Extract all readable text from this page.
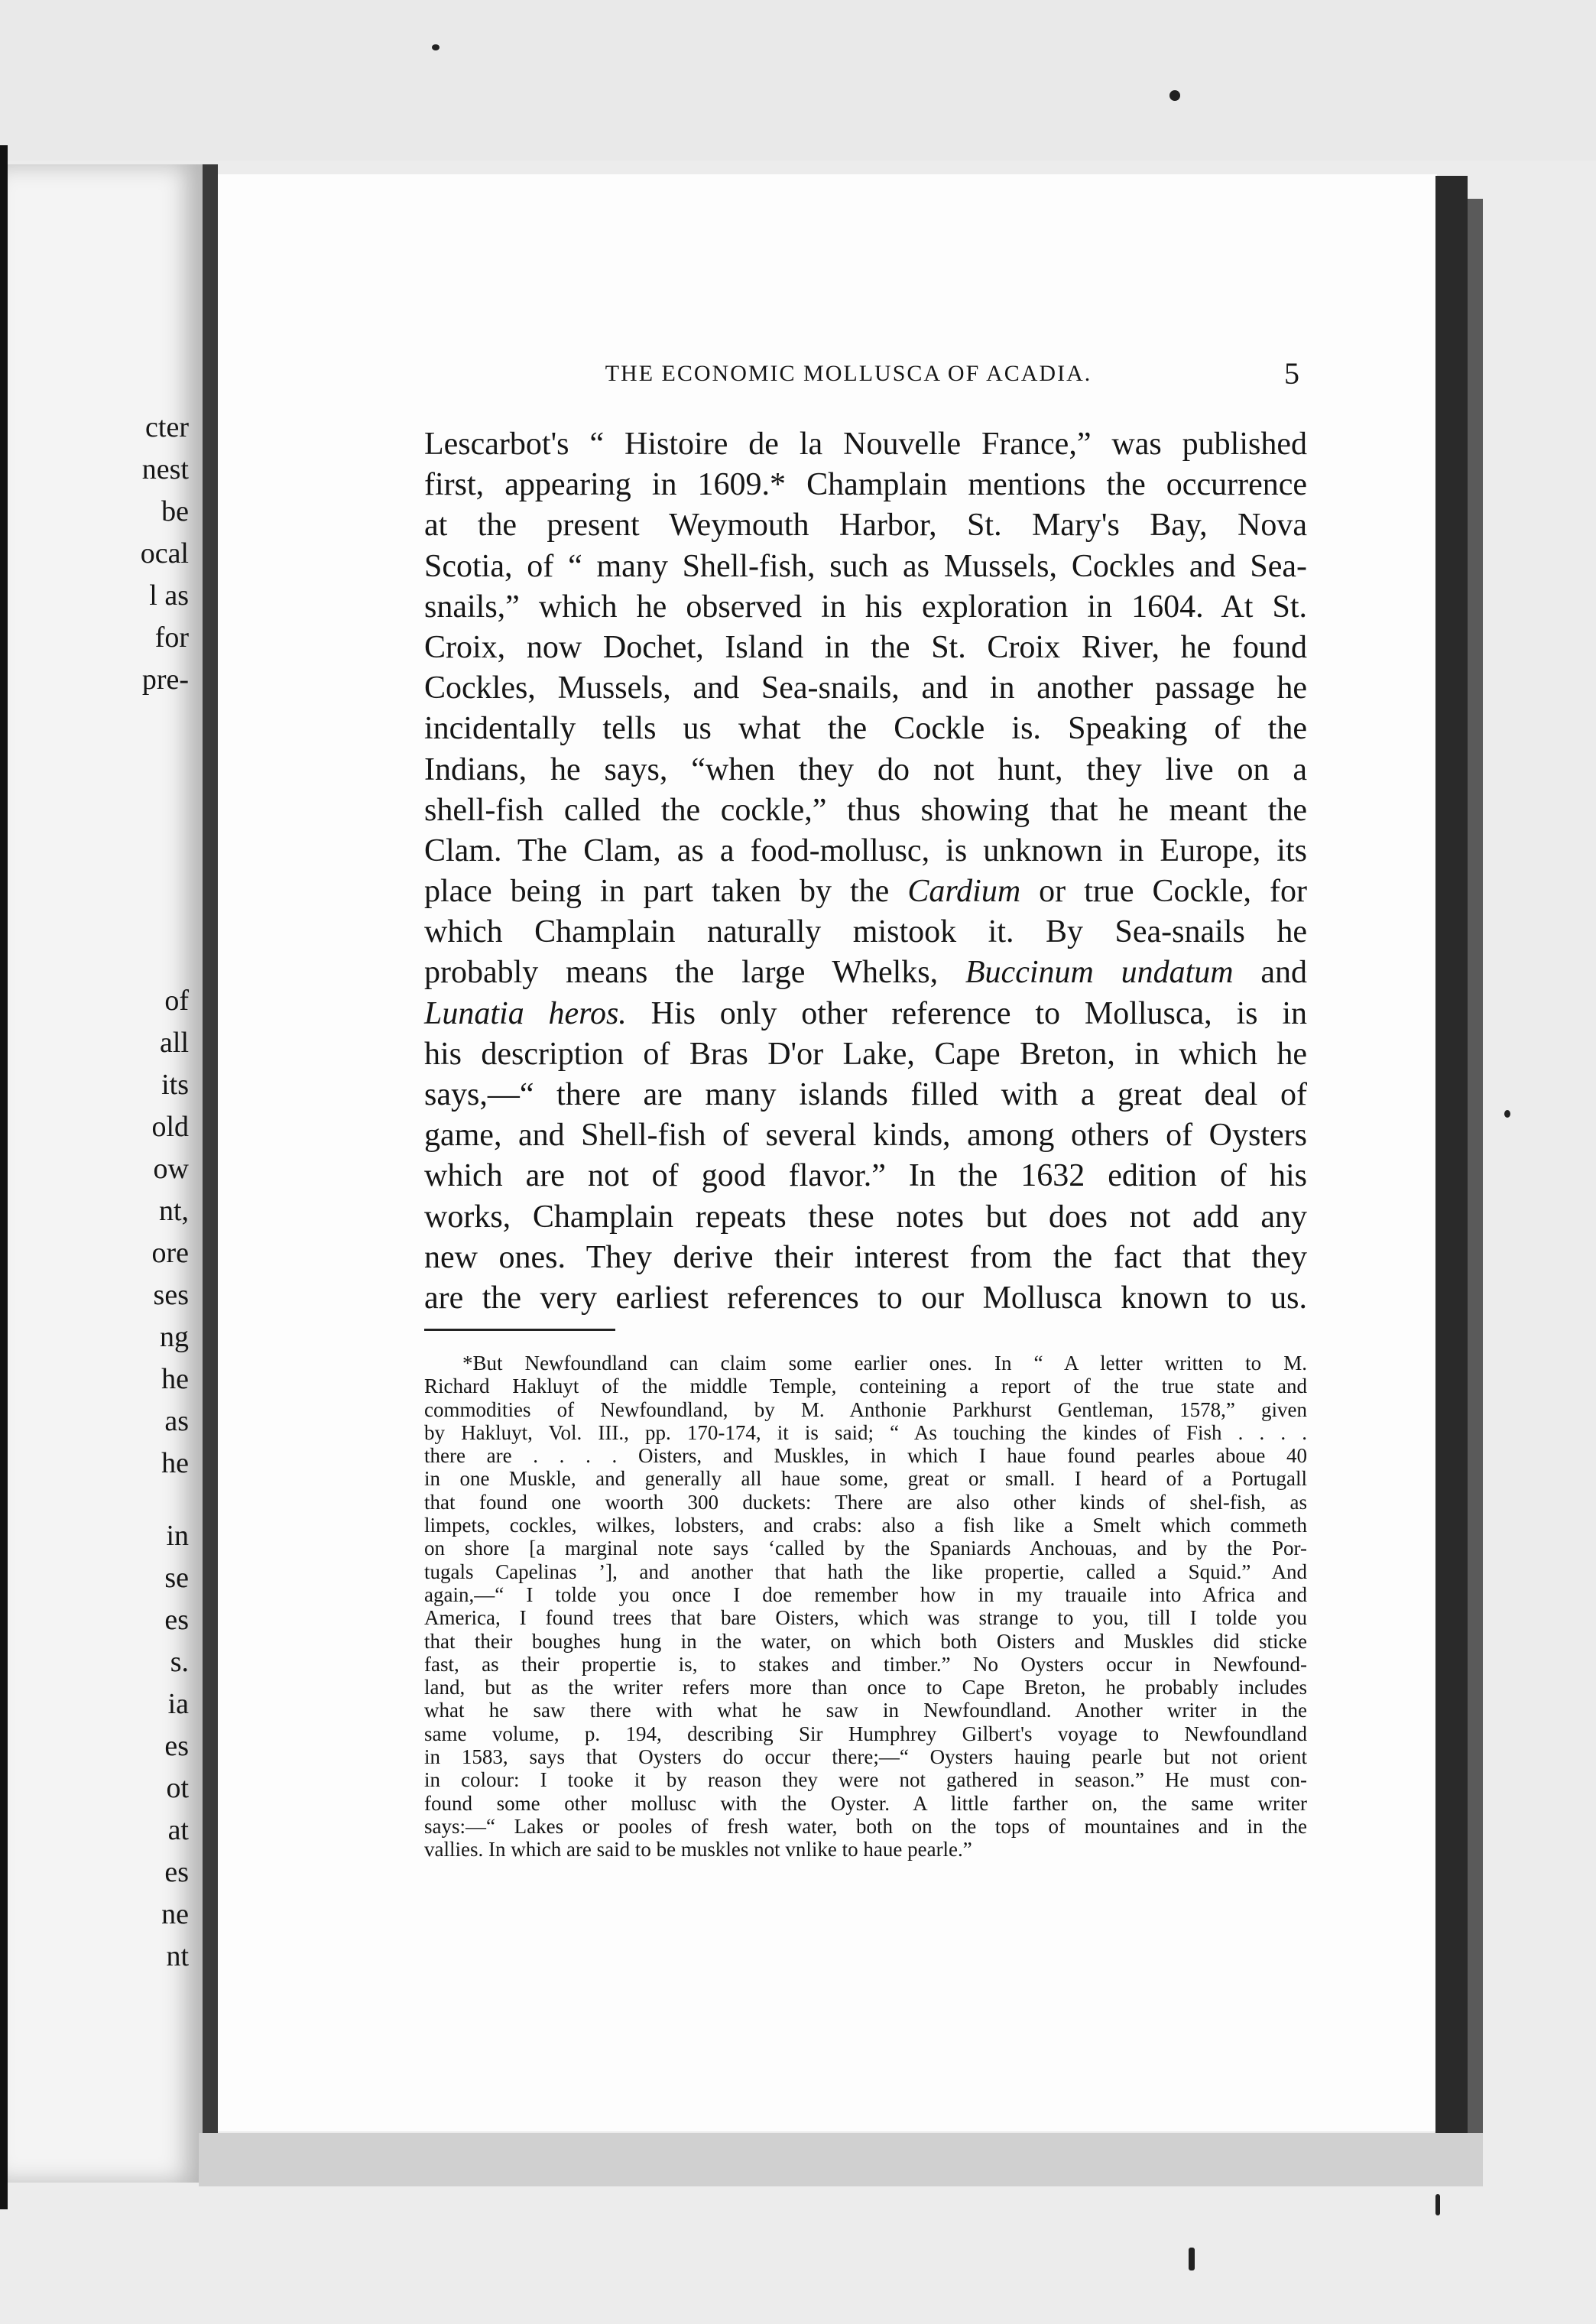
cter
nest
be
ocal
l as
for
pre-
of
all
its
old
ow
nt,
ore
ses
ng
he
as
he
in
se
es
s.
ia
es
ot
at
es
ne
nt
THE ECONOMIC MOLLUSCA OF ACADIA.	5
Lescarbot's “ Histoire de la Nouvelle France,” was published
first, appearing in 1609.* Champlain mentions the occurrence
at the present Weymouth Harbor, St. Mary's Bay, Nova
Scotia, of “ many Shell-fish, such as Mussels, Cockles and Sea-
snails,” which he observed in his exploration in 1604. At St.
Croix, now Dochet, Island in the St. Croix River, he found
Cockles, Mussels, and Sea-snails, and in another passage he
incidentally tells us what the Cockle is. Speaking of the
Indians, he says, “when they do not hunt, they live on a
shell-fish called the cockle,” thus showing that he meant the
Clam. The Clam, as a food-mollusc, is unknown in Europe, its
place being in part taken by the Cardium or true Cockle, for
which Champlain naturally mistook it. By Sea-snails he
probably means the large Whelks, Buccinum undatum and
Lunatia heros. His only other reference to Mollusca, is in
his description of Bras D'or Lake, Cape Breton, in which he
says,—“ there are many islands filled with a great deal of
game, and Shell-fish of several kinds, among others of Oysters
which are not of good flavor.” In the 1632 edition of his
works, Champlain repeats these notes but does not add any
new ones. They derive their interest from the fact that they
are the very earliest references to our Mollusca known to us.
*But Newfoundland can claim some earlier ones. In “ A letter written to M.
Richard Hakluyt of the middle Temple, conteining a report of the true state and
commodities of Newfoundland, by M. Anthonie Parkhurst Gentleman, 1578,” given
by Hakluyt, Vol. III., pp. 170-174, it is said; “ As touching the kindes of Fish . . . .
there are . . . . Oisters, and Muskles, in which I haue found pearles aboue 40
in one Muskle, and generally all haue some, great or small. I heard of a Portugall
that found one woorth 300 duckets: There are also other kinds of shel-fish, as
limpets, cockles, wilkes, lobsters, and crabs: also a fish like a Smelt which commeth
on shore [a marginal note says ‘called by the Spaniards Anchouas, and by the Por-
tugals Capelinas ’], and another that hath the like propertie, called a Squid.” And
again,—“ I tolde you once I doe remember how in my trauaile into Africa and
America, I found trees that bare Oisters, which was strange to you, till I tolde you
that their boughes hung in the water, on which both Oisters and Muskles did sticke
fast, as their propertie is, to stakes and timber.” No Oysters occur in Newfound-
land, but as the writer refers more than once to Cape Breton, he probably includes
what he saw there with what he saw in Newfoundland. Another writer in the
same volume, p. 194, describing Sir Humphrey Gilbert's voyage to Newfoundland
in 1583, says that Oysters do occur there;—“ Oysters hauing pearle but not orient
in colour: I tooke it by reason they were not gathered in season.” He must con-
found some other mollusc with the Oyster. A little farther on, the same writer
says:—“ Lakes or pooles of fresh water, both on the tops of mountaines and in the
vallies. In which are said to be muskles not vnlike to haue pearle.”
